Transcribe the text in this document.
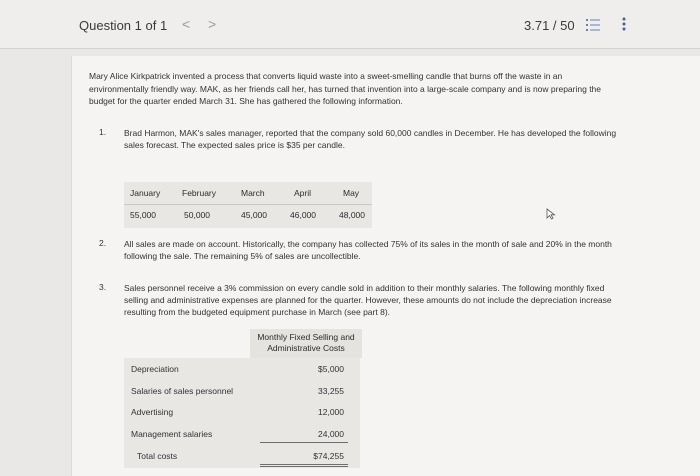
Question 1 of 1 < >	3.71 / 50
Mary Alice Kirkpatrick invented a process that converts liquid waste into a sweet-smelling candle that burns off the waste in an environmentally friendly way. MAK, as her friends call her, has turned that invention into a large-scale company and is now preparing the budget for the quarter ended March 31. She has gathered the following information.
1. Brad Harmon, MAK's sales manager, reported that the company sold 60,000 candles in December. He has developed the following sales forecast. The expected sales price is $35 per candle.
January	February	March	April	May
55,000	50,000	45,000	46,000	48,000
2. All sales are made on account. Historically, the company has collected 75% of its sales in the month of sale and 20% in the month following the sale. The remaining 5% of sales are uncollectible.
3. Sales personnel receive a 3% commission on every candle sold in addition to their monthly salaries. The following monthly fixed selling and administrative expenses are planned for the quarter. However, these amounts do not include the depreciation increase resulting from the budgeted equipment purchase in March (see part 8).
Monthly Fixed Selling and
Administrative Costs
Depreciation	$5,000
Salaries of sales personnel	33,255
Advertising	12,000
Management salaries	24,000
Total costs	$74,255
